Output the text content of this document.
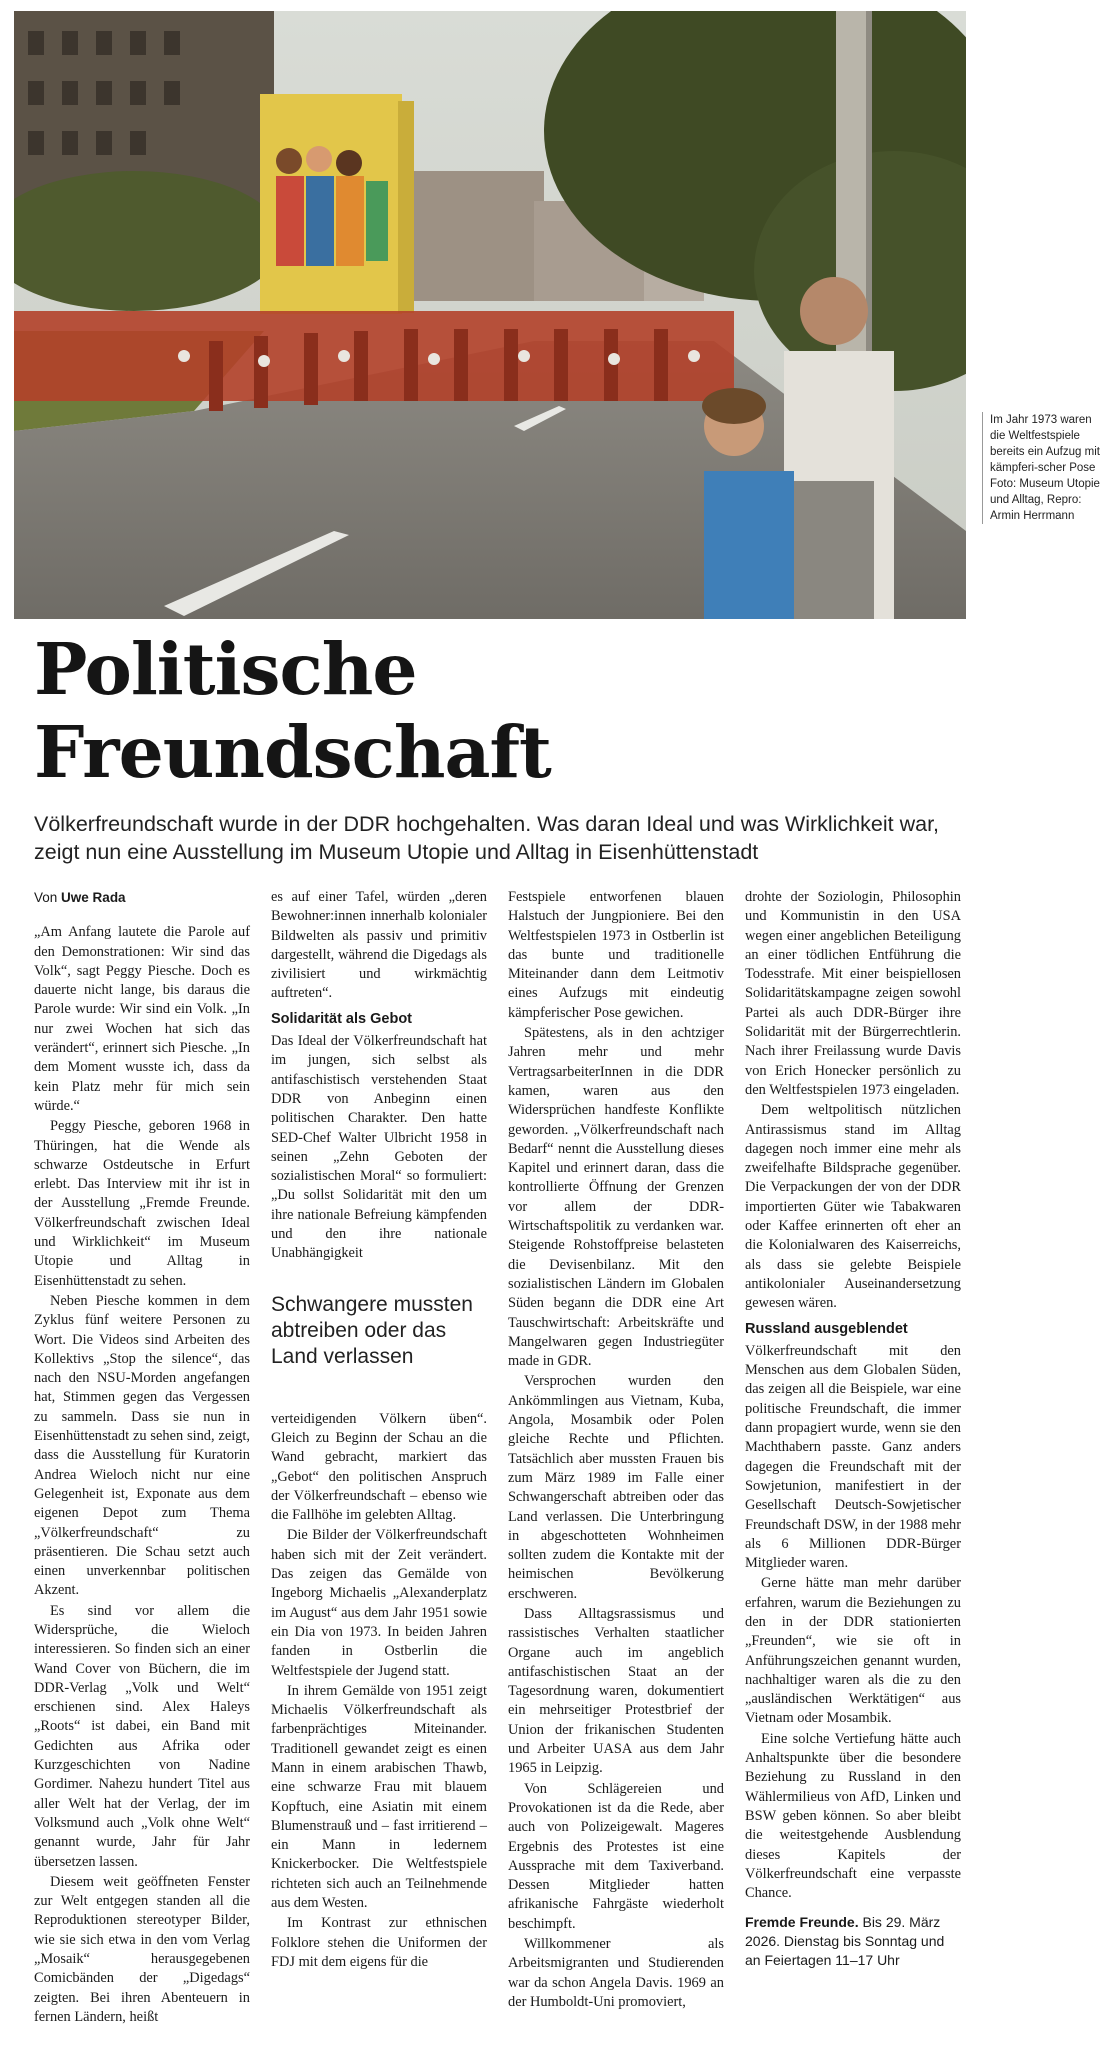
Im Jahr 1973 waren die Weltfestspiele bereits ein Aufzug mit kämpferi-scher Pose Foto: Museum Utopie und Alltag, Repro: Armin Herrmann
Politische
Freundschaft

Völkerfreundschaft wurde in der DDR hochgehalten. Was daran Ideal und was Wirklichkeit war, zeigt nun eine Ausstellung im Museum Utopie und Alltag in Eisenhüttenstadt

Von Uwe Rada

„Am Anfang lautete die Parole auf den Demonstrationen: Wir sind das Volk“, sagt Peggy Piesche. Doch es dauerte nicht lange, bis daraus die Parole wurde: Wir sind ein Volk. „In nur zwei Wochen hat sich das verändert“, erinnert sich Piesche. „In dem Moment wusste ich, dass da kein Platz mehr für mich sein würde.“

Peggy Piesche, geboren 1968 in Thüringen, hat die Wende als schwarze Ostdeutsche in Erfurt erlebt. Das Interview mit ihr ist in der Ausstellung „Fremde Freunde. Völkerfreundschaft zwischen Ideal und Wirklichkeit“ im Museum Utopie und Alltag in Eisenhüttenstadt zu sehen.

Neben Piesche kommen in dem Zyklus fünf weitere Personen zu Wort. Die Videos sind Arbeiten des Kollektivs „Stop the silence“, das nach den NSU-Morden angefangen hat, Stimmen gegen das Vergessen zu sammeln. Dass sie nun in Eisenhüttenstadt zu sehen sind, zeigt, dass die Ausstellung für Kuratorin Andrea Wieloch nicht nur eine Gelegenheit ist, Exponate aus dem eigenen Depot zum Thema „Völkerfreundschaft“ zu präsentieren. Die Schau setzt auch einen unverkennbar politischen Akzent.

Es sind vor allem die Widersprüche, die Wieloch interessieren. So finden sich an einer Wand Cover von Büchern, die im DDR-Verlag „Volk und Welt“ erschienen sind. Alex Haleys „Roots“ ist dabei, ein Band mit Gedichten aus Afrika oder Kurzgeschichten von Nadine Gordimer. Nahezu hundert Titel aus aller Welt hat der Verlag, der im Volksmund auch „Volk ohne Welt“ genannt wurde, Jahr für Jahr übersetzen lassen.

Diesem weit geöffneten Fenster zur Welt entgegen standen all die Reproduktionen stereotyper Bilder, wie sie sich etwa in den vom Verlag „Mosaik“ herausgegebenen Comicbänden der „Digedags“ zeigten. Bei ihren Abenteuern in fernen Ländern, heißt

es auf einer Tafel, würden „deren Bewohner:innen innerhalb kolonialer Bildwelten als passiv und primitiv dargestellt, während die Digedags als zivilisiert und wirkmächtig auftreten“.

Solidarität als Gebot

Das Ideal der Völkerfreundschaft hat im jungen, sich selbst als antifaschistisch verstehenden Staat DDR von Anbeginn einen politischen Charakter. Den hatte SED-Chef Walter Ulbricht 1958 in seinen „Zehn Geboten der sozialistischen Moral“ so formuliert: „Du sollst Solidarität mit den um ihre nationale Befreiung kämpfenden und den ihre nationale Unabhängigkeit

Schwangere mussten abtreiben oder das Land verlassen

verteidigenden Völkern üben“. Gleich zu Beginn der Schau an die Wand gebracht, markiert das „Gebot“ den politischen Anspruch der Völkerfreundschaft – ebenso wie die Fallhöhe im gelebten Alltag.

Die Bilder der Völkerfreundschaft haben sich mit der Zeit verändert. Das zeigen das Gemälde von Ingeborg Michaelis „Alexanderplatz im August“ aus dem Jahr 1951 sowie ein Dia von 1973. In beiden Jahren fanden in Ostberlin die Weltfestspiele der Jugend statt.

In ihrem Gemälde von 1951 zeigt Michaelis Völkerfreundschaft als farbenprächtiges Miteinander. Traditionell gewandet zeigt es einen Mann in einem arabischen Thawb, eine schwarze Frau mit blauem Kopftuch, eine Asiatin mit einem Blumenstrauß und – fast irritierend – ein Mann in ledernem Knickerbocker. Die Weltfestspiele richteten sich auch an Teilnehmende aus dem Westen.

Im Kontrast zur ethnischen Folklore stehen die Uniformen der FDJ mit dem eigens für die

Festspiele entworfenen blauen Halstuch der Jungpioniere. Bei den Weltfestspielen 1973 in Ostberlin ist das bunte und traditionelle Miteinander dann dem Leitmotiv eines Aufzugs mit eindeutig kämpferischer Pose gewichen.

Spätestens, als in den achtziger Jahren mehr und mehr VertragsarbeiterInnen in die DDR kamen, waren aus den Widersprüchen handfeste Konflikte geworden. „Völkerfreundschaft nach Bedarf“ nennt die Ausstellung dieses Kapitel und erinnert daran, dass die kontrollierte Öffnung der Grenzen vor allem der DDR-Wirtschaftspolitik zu verdanken war. Steigende Rohstoffpreise belasteten die Devisenbilanz. Mit den sozialistischen Ländern im Globalen Süden begann die DDR eine Art Tauschwirtschaft: Arbeitskräfte und Mangelwaren gegen Industriegüter made in GDR.

Versprochen wurden den Ankömmlingen aus Vietnam, Kuba, Angola, Mosambik oder Polen gleiche Rechte und Pflichten. Tatsächlich aber mussten Frauen bis zum März 1989 im Falle einer Schwangerschaft abtreiben oder das Land verlassen. Die Unterbringung in abgeschotteten Wohnheimen sollten zudem die Kontakte mit der heimischen Bevölkerung erschweren.

Dass Alltagsrassismus und rassistisches Verhalten staatlicher Organe auch im angeblich antifaschistischen Staat an der Tagesordnung waren, dokumentiert ein mehrseitiger Protestbrief der Union der frikanischen Studenten und Arbeiter UASA aus dem Jahr 1965 in Leipzig.

Von Schlägereien und Provokationen ist da die Rede, aber auch von Polizeigewalt. Mageres Ergebnis des Protestes ist eine Aussprache mit dem Taxiverband. Dessen Mitglieder hatten afrikanische Fahrgäste wiederholt beschimpft.

Willkommener als Arbeitsmigranten und Studierenden war da schon Angela Davis. 1969 an der Humboldt-Uni promoviert,

drohte der Soziologin, Philosophin und Kommunistin in den USA wegen einer angeblichen Beteiligung an einer tödlichen Entführung die Todesstrafe. Mit einer beispiellosen Solidaritätskampagne zeigen sowohl Partei als auch DDR-Bürger ihre Solidarität mit der Bürgerrechtlerin. Nach ihrer Freilassung wurde Davis von Erich Honecker persönlich zu den Weltfestspielen 1973 eingeladen.

Dem weltpolitisch nützlichen Antirassismus stand im Alltag dagegen noch immer eine mehr als zweifelhafte Bildsprache gegenüber. Die Verpackungen der von der DDR importierten Güter wie Tabakwaren oder Kaffee erinnerten oft eher an die Kolonialwaren des Kaiserreichs, als dass sie gelebte Beispiele antikolonialer Auseinandersetzung gewesen wären.

Russland ausgeblendet

Völkerfreundschaft mit den Menschen aus dem Globalen Süden, das zeigen all die Beispiele, war eine politische Freundschaft, die immer dann propagiert wurde, wenn sie den Machthabern passte. Ganz anders dagegen die Freundschaft mit der Sowjetunion, manifestiert in der Gesellschaft Deutsch-Sowjetischer Freundschaft DSW, in der 1988 mehr als 6 Millionen DDR-Bürger Mitglieder waren.

Gerne hätte man mehr darüber erfahren, warum die Beziehungen zu den in der DDR stationierten „Freunden“, wie sie oft in Anführungszeichen genannt wurden, nachhaltiger waren als die zu den „ausländischen Werktätigen“ aus Vietnam oder Mosambik.

Eine solche Vertiefung hätte auch Anhaltspunkte über die besondere Beziehung zu Russland in den Wählermilieus von AfD, Linken und BSW geben können. So aber bleibt die weitestgehende Ausblendung dieses Kapitels der Völkerfreundschaft eine verpasste Chance.

Fremde Freunde. Bis 29. März 2026. Dienstag bis Sonntag und an Feiertagen 11–17 Uhr
